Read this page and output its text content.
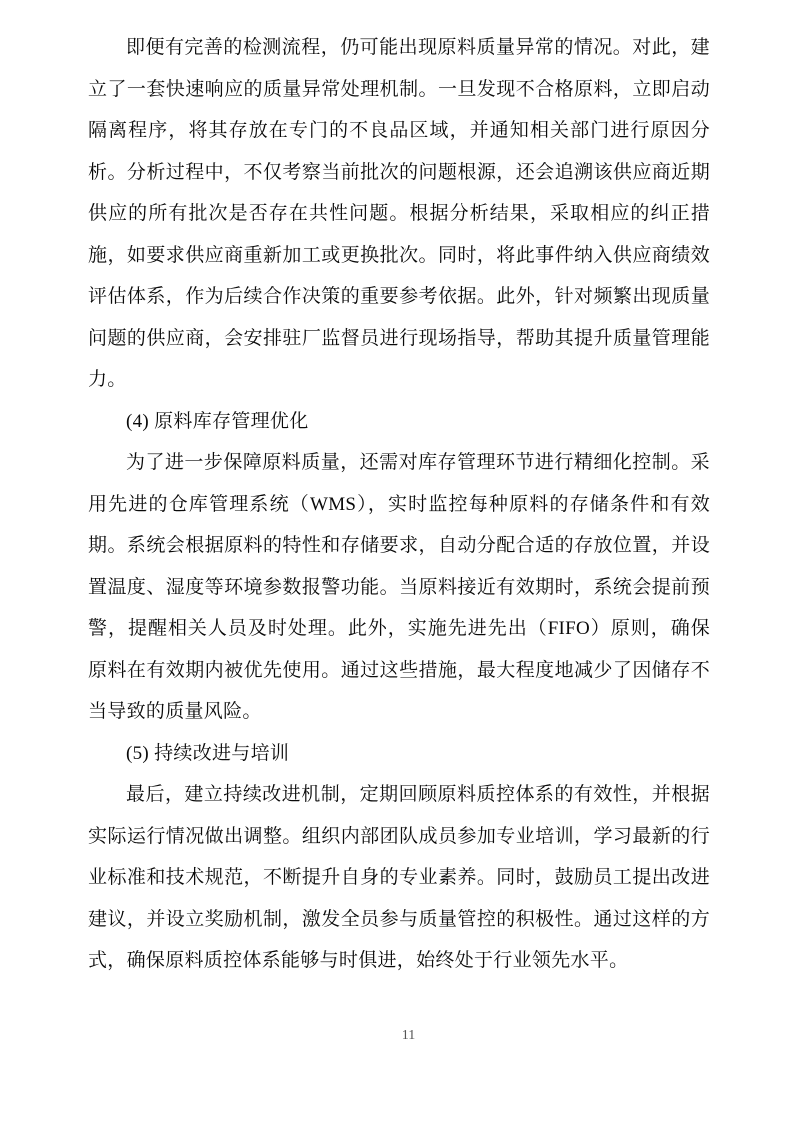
即便有完善的检测流程，仍可能出现原料质量异常的情况。对此，建
立了一套快速响应的质量异常处理机制。一旦发现不合格原料，立即启动
隔离程序，将其存放在专门的不良品区域，并通知相关部门进行原因分
析。分析过程中，不仅考察当前批次的问题根源，还会追溯该供应商近期
供应的所有批次是否存在共性问题。根据分析结果，采取相应的纠正措
施，如要求供应商重新加工或更换批次。同时，将此事件纳入供应商绩效
评估体系，作为后续合作决策的重要参考依据。此外，针对频繁出现质量
问题的供应商，会安排驻厂监督员进行现场指导，帮助其提升质量管理能
力。
(4) 原料库存管理优化
为了进一步保障原料质量，还需对库存管理环节进行精细化控制。采
用先进的仓库管理系统（WMS），实时监控每种原料的存储条件和有效
期。系统会根据原料的特性和存储要求，自动分配合适的存放位置，并设
置温度、湿度等环境参数报警功能。当原料接近有效期时，系统会提前预
警，提醒相关人员及时处理。此外，实施先进先出（FIFO）原则，确保
原料在有效期内被优先使用。通过这些措施，最大程度地减少了因储存不
当导致的质量风险。
(5) 持续改进与培训
最后，建立持续改进机制，定期回顾原料质控体系的有效性，并根据
实际运行情况做出调整。组织内部团队成员参加专业培训，学习最新的行
业标准和技术规范，不断提升自身的专业素养。同时，鼓励员工提出改进
建议，并设立奖励机制，激发全员参与质量管控的积极性。通过这样的方
式，确保原料质控体系能够与时俱进，始终处于行业领先水平。
11
